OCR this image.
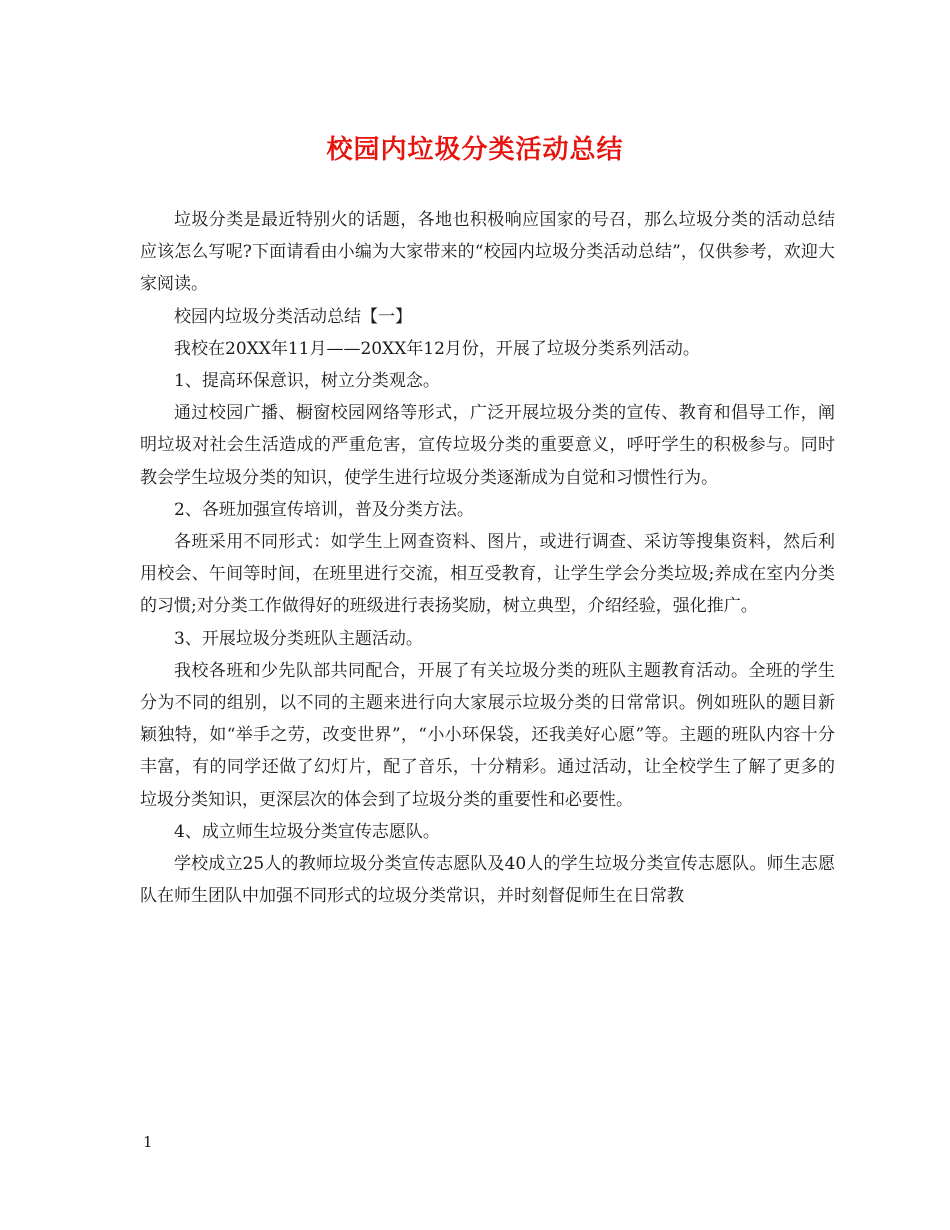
校园内垃圾分类活动总结

垃圾分类是最近特别火的话题，各地也积极响应国家的号召，那么垃圾分类的活动总结应该怎么写呢?下面请看由小编为大家带来的“校园内垃圾分类活动总结”，仅供参考，欢迎大家阅读。

校园内垃圾分类活动总结【一】

我校在20XX年11月——20XX年12月份，开展了垃圾分类系列活动。

1、提高环保意识，树立分类观念。

通过校园广播、橱窗校园网络等形式，广泛开展垃圾分类的宣传、教育和倡导工作，阐明垃圾对社会生活造成的严重危害，宣传垃圾分类的重要意义，呼吁学生的积极参与。同时教会学生垃圾分类的知识，使学生进行垃圾分类逐渐成为自觉和习惯性行为。

2、各班加强宣传培训，普及分类方法。

各班采用不同形式：如学生上网查资料、图片，或进行调查、采访等搜集资料，然后利用校会、午间等时间，在班里进行交流，相互受教育，让学生学会分类垃圾;养成在室内分类的习惯;对分类工作做得好的班级进行表扬奖励，树立典型，介绍经验，强化推广。

3、开展垃圾分类班队主题活动。

我校各班和少先队部共同配合，开展了有关垃圾分类的班队主题教育活动。全班的学生分为不同的组别，以不同的主题来进行向大家展示垃圾分类的日常常识。例如班队的题目新颖独特，如“举手之劳，改变世界”，“小小环保袋，还我美好心愿”等。主题的班队内容十分丰富，有的同学还做了幻灯片，配了音乐，十分精彩。通过活动，让全校学生了解了更多的垃圾分类知识，更深层次的体会到了垃圾分类的重要性和必要性。

4、成立师生垃圾分类宣传志愿队。

学校成立25人的教师垃圾分类宣传志愿队及40人的学生垃圾分类宣传志愿队。师生志愿队在师生团队中加强不同形式的垃圾分类常识，并时刻督促师生在日常教

1
